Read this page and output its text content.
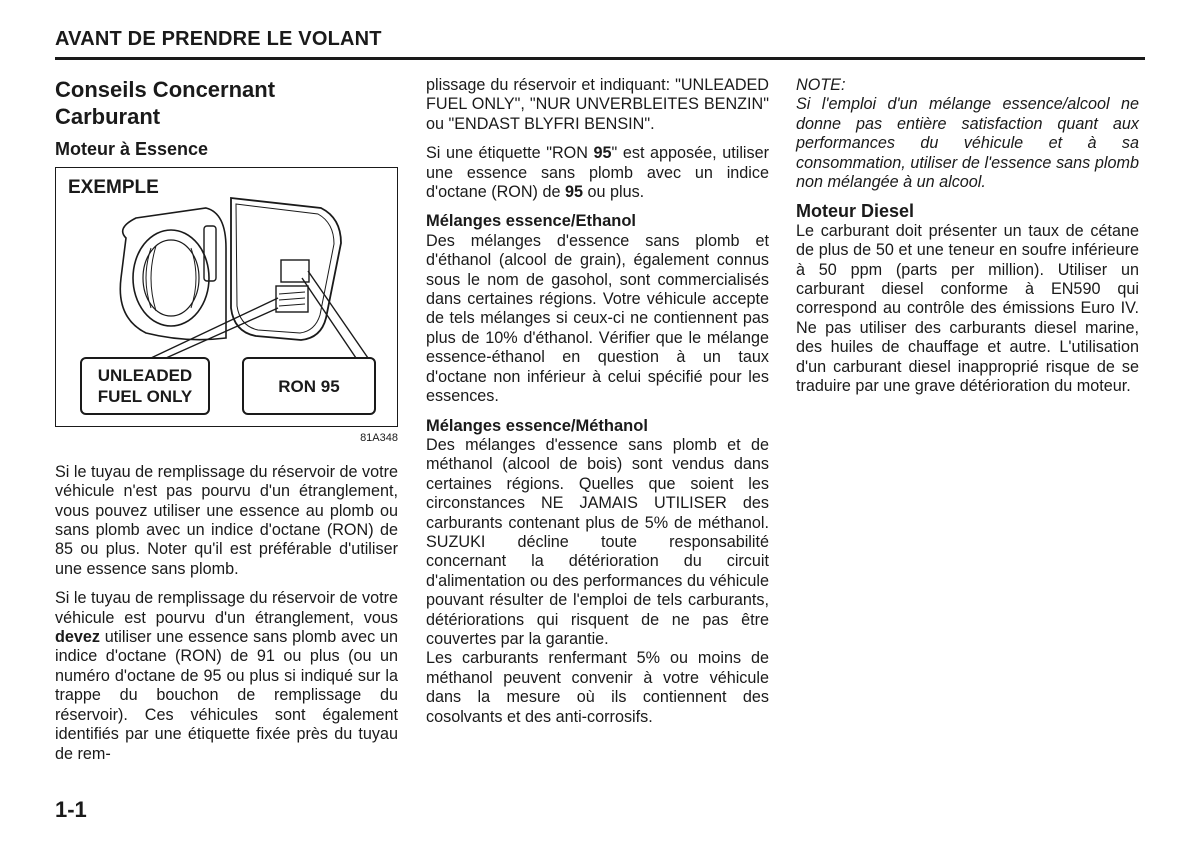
AVANT DE PRENDRE LE VOLANT
Conseils Concernant
Carburant
Moteur à Essence
EXEMPLE
UNLEADED
FUEL ONLY
RON 95
81A348

Si le tuyau de remplissage du réservoir de votre véhicule n'est pas pourvu d'un étranglement, vous pouvez utiliser une essence au plomb ou sans plomb avec un indice d'octane (RON) de 85 ou plus. Noter qu'il est préférable d'utiliser une essence sans plomb.

Si le tuyau de remplissage du réservoir de votre véhicule est pourvu d'un étranglement, vous devez utiliser une essence sans plomb avec un indice d'octane (RON) de 91 ou plus (ou un numéro d'octane de 95 ou plus si indiqué sur la trappe du bouchon de remplissage du réservoir). Ces véhicules sont également identifiés par une étiquette fixée près du tuyau de rem-

plissage du réservoir et indiquant: "UNLEADED FUEL ONLY", "NUR UNVERBLEITES BENZIN" ou "ENDAST BLYFRI BENSIN".

Si une étiquette "RON 95" est apposée, utiliser une essence sans plomb avec un indice d'octane (RON) de 95 ou plus.

Mélanges essence/Ethanol

Des mélanges d'essence sans plomb et d'éthanol (alcool de grain), également connus sous le nom de gasohol, sont commercialisés dans certaines régions. Votre véhicule accepte de tels mélanges si ceux-ci ne contiennent pas plus de 10% d'éthanol. Vérifier que le mélange essence-éthanol en question à un taux d'octane non inférieur à celui spécifié pour les essences.

Mélanges essence/Méthanol

Des mélanges d'essence sans plomb et de méthanol (alcool de bois) sont vendus dans certaines régions. Quelles que soient les circonstances NE JAMAIS UTILISER des carburants contenant plus de 5% de méthanol. SUZUKI décline toute responsabilité concernant la détérioration du circuit d'alimentation ou des performances du véhicule pouvant résulter de l'emploi de tels carburants, détériorations qui risquent de ne pas être couvertes par la garantie.

Les carburants renfermant 5% ou moins de méthanol peuvent convenir à votre véhicule dans la mesure où ils contiennent des cosolvants et des anti-corrosifs.

NOTE:

Si l'emploi d'un mélange essence/alcool ne donne pas entière satisfaction quant aux performances du véhicule et à sa consommation, utiliser de l'essence sans plomb non mélangée à un alcool.

Moteur Diesel

Le carburant doit présenter un taux de cétane de plus de 50 et une teneur en soufre inférieure à 50 ppm (parts per million). Utiliser un carburant diesel conforme à EN590 qui correspond au contrôle des émissions Euro IV. Ne pas utiliser des carburants diesel marine, des huiles de chauffage et autre. L'utilisation d'un carburant diesel inapproprié risque de se traduire par une grave détérioration du moteur.

1-1
